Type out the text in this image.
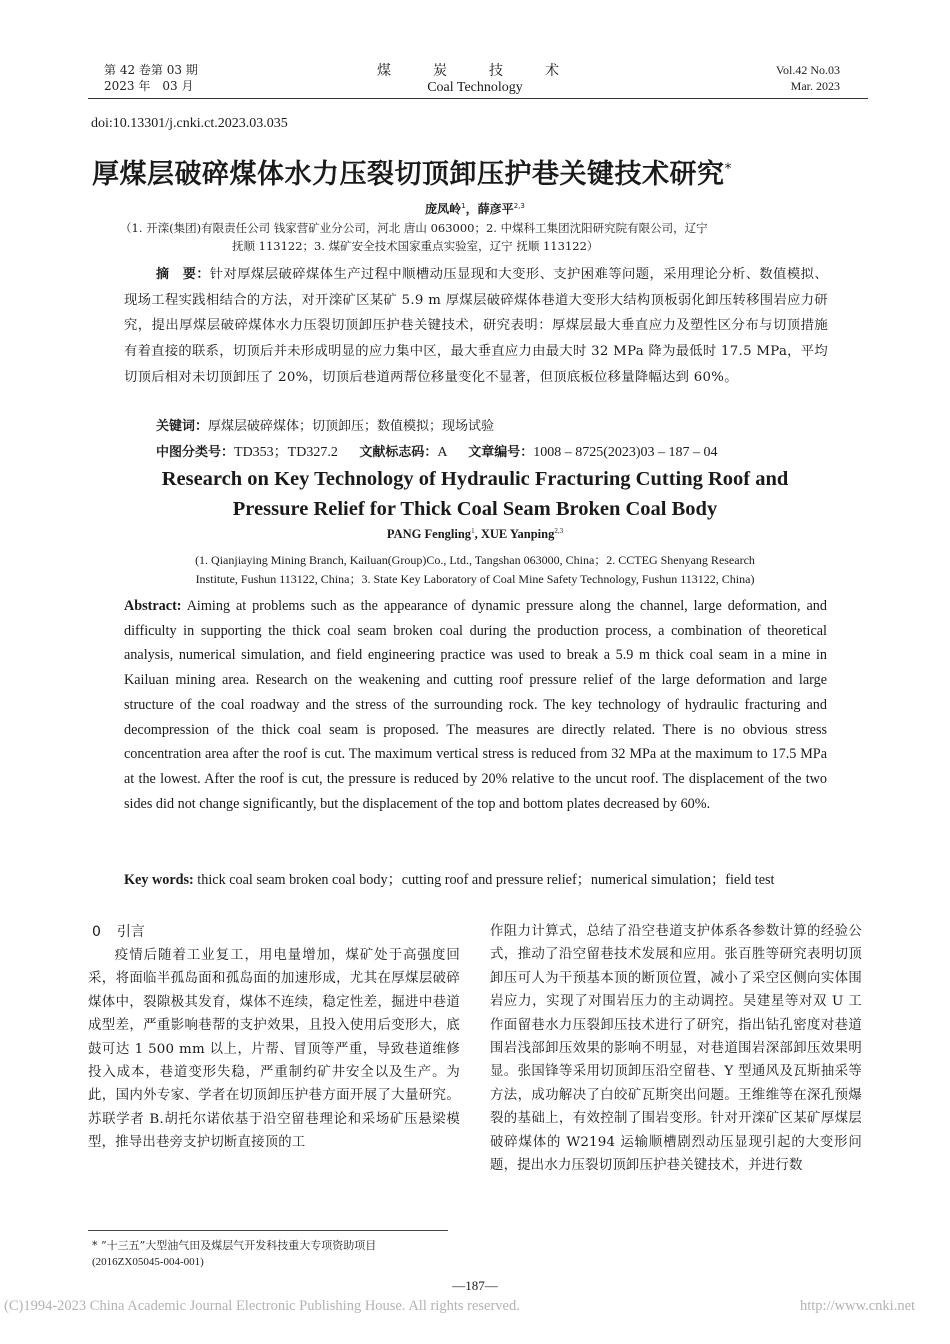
第 42 卷第 03 期
2023 年　03 月
煤　炭　技　术
Coal Technology
Vol.42 No.03
Mar. 2023
doi:10.13301/j.cnki.ct.2023.03.035
厚煤层破碎煤体水力压裂切顶卸压护巷关键技术研究*
庞凤岭$^1$，薛彦平$^{2,3}$
（1. 开滦(集团)有限责任公司 钱家营矿业分公司，河北 唐山 063000；2. 中煤科工集团沈阳研究院有限公司，辽宁
抚顺 113122；3. 煤矿安全技术国家重点实验室，辽宁 抚顺 113122）
摘　要：针对厚煤层破碎煤体生产过程中顺槽动压显现和大变形、支护困难等问题，采用理论分析、数值模拟、现场工程实践相结合的方法，对开滦矿区某矿 5.9 m 厚煤层破碎煤体巷道大变形大结构顶板弱化卸压转移围岩应力研究，提出厚煤层破碎煤体水力压裂切顶卸压护巷关键技术，研究表明：厚煤层最大垂直应力及塑性区分布与切顶措施有着直接的联系，切顶后并未形成明显的应力集中区，最大垂直应力由最大时 32 MPa 降为最低时 17.5 MPa，平均切顶后相对未切顶卸压了 20%，切顶后巷道两帮位移量变化不显著，但顶底板位移量降幅达到 60%。
关键词：厚煤层破碎煤体；切顶卸压；数值模拟；现场试验
中图分类号：TD353；TD327.2 文献标志码：A 文章编号：1008 – 8725(2023)03 – 187 – 04
Research on Key Technology of Hydraulic Fracturing Cutting Roof and
Pressure Relief for Thick Coal Seam Broken Coal Body
PANG Fengling$^1$, XUE Yanping$^{2,3}$
(1. Qianjiaying Mining Branch, Kailuan(Group)Co., Ltd., Tangshan 063000, China；2. CCTEG Shenyang Research
Institute, Fushun 113122, China；3. State Key Laboratory of Coal Mine Safety Technology, Fushun 113122, China)
Abstract: Aiming at problems such as the appearance of dynamic pressure along the channel, large deformation, and difficulty in supporting the thick coal seam broken coal during the production process, a combination of theoretical analysis, numerical simulation, and field engineering practice was used to break a 5.9 m thick coal seam in a mine in Kailuan mining area. Research on the weakening and cutting roof pressure relief of the large deformation and large structure of the coal roadway and the stress of the surrounding rock. The key technology of hydraulic fracturing and decompression of the thick coal seam is proposed. The measures are directly related. There is no obvious stress concentration area after the roof is cut. The maximum vertical stress is reduced from 32 MPa at the maximum to 17.5 MPa at the lowest. After the roof is cut, the pressure is reduced by 20% relative to the uncut roof. The displacement of the two sides did not change significantly, but the displacement of the top and bottom plates decreased by 60%.
Key words: thick coal seam broken coal body；cutting roof and pressure relief；numerical simulation；field test
0 引言
疫情后随着工业复工，用电量增加，煤矿处于高强度回采，将面临半孤岛面和孤岛面的加速形成，尤其在厚煤层破碎煤体中，裂隙极其发育，煤体不连续，稳定性差，掘进中巷道成型差，严重影响巷帮的支护效果，且投入使用后变形大，底鼓可达 1 500 mm 以上，片帮、冒顶等严重，导致巷道维修投入成本，巷道变形失稳，严重制约矿井安全以及生产。为此，国内外专家、学者在切顶卸压护巷方面开展了大量研究。苏联学者 B.胡托尔诺依基于沿空留巷理论和采场矿压悬梁模型，推导出巷旁支护切断直接顶的工
* “十三五”大型油气田及煤层气开发科技重大专项资助项目
(2016ZX05045-004-001)
作阻力计算式，总结了沿空巷道支护体系各参数计算的经验公式，推动了沿空留巷技术发展和应用。张百胜等研究表明切顶卸压可人为干预基本顶的断顶位置，减小了采空区侧向实体围岩应力，实现了对围岩压力的主动调控。吴建星等对双 U 工作面留巷水力压裂卸压技术进行了研究，指出钻孔密度对巷道围岩浅部卸压效果的影响不明显，对巷道围岩深部卸压效果明显。张国锋等采用切顶卸压沿空留巷、Y 型通风及瓦斯抽采等方法，成功解决了白皎矿瓦斯突出问题。王维维等在深孔预爆裂的基础上，有效控制了围岩变形。针对开滦矿区某矿厚煤层破碎煤体的 W2194 运输顺槽剧烈动压显现引起的大变形问题，提出水力压裂切顶卸压护巷关键技术，并进行数
—187—
(C)1994-2023 China Academic Journal Electronic Publishing House. All rights reserved.	http://www.cnki.net
